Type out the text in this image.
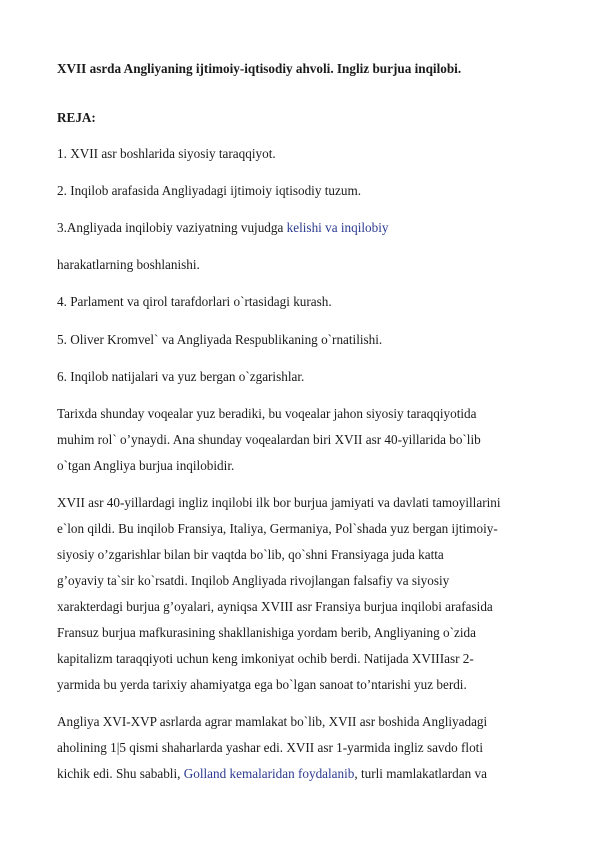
XVII asrda Angliyaning ijtimoiy-iqtisodiy ahvoli. Ingliz burjua inqilobi.
REJA:
1. XVII asr boshlarida siyosiy taraqqiyot.
2. Inqilob arafasida Angliyadagi ijtimoiy iqtisodiy tuzum.
3.Angliyada inqilobiy vaziyatning vujudga kelishi va inqilobiy
harakatlarning boshlanishi.
4. Parlament va qirol tarafdorlari o`rtasidagi kurash.
5. Oliver Kromvel` va Angliyada Respublikaning o`rnatilishi.
6. Inqilob natijalari va yuz bergan o`zgarishlar.
Tarixda shunday voqealar yuz beradiki, bu voqealar jahon siyosiy taraqqiyotida
muhim rol` o’ynaydi. Ana shunday voqealardan biri XVII asr 40-yillarida bo`lib
o`tgan Angliya burjua inqilobidir.
XVII asr 40-yillardagi ingliz inqilobi ilk bor burjua jamiyati va davlati tamoyillarini
e`lon qildi. Bu inqilob Fransiya, Italiya, Germaniya, Pol`shada yuz bergan ijtimoiy-
siyosiy o’zgarishlar bilan bir vaqtda bo`lib, qo`shni Fransiyaga juda katta
g’oyaviy ta`sir ko`rsatdi. Inqilob Angliyada rivojlangan falsafiy va siyosiy
xarakterdagi burjua g’oyalari, ayniqsa XVIII asr Fransiya burjua inqilobi arafasida
Fransuz burjua mafkurasining shakllanishiga yordam berib, Angliyaning o`zida
kapitalizm taraqqiyoti uchun keng imkoniyat ochib berdi. Natijada XVIIIasr 2-
yarmida bu yerda tarixiy ahamiyatga ega bo`lgan sanoat to’ntarishi yuz berdi.
Angliya XVI-XVP asrlarda agrar mamlakat bo`lib, XVII asr boshida Angliyadagi
aholining 1|5 qismi shaharlarda yashar edi. XVII asr 1-yarmida ingliz savdo floti
kichik edi. Shu sababli, Golland kemalaridan foydalanib, turli mamlakatlardan va
